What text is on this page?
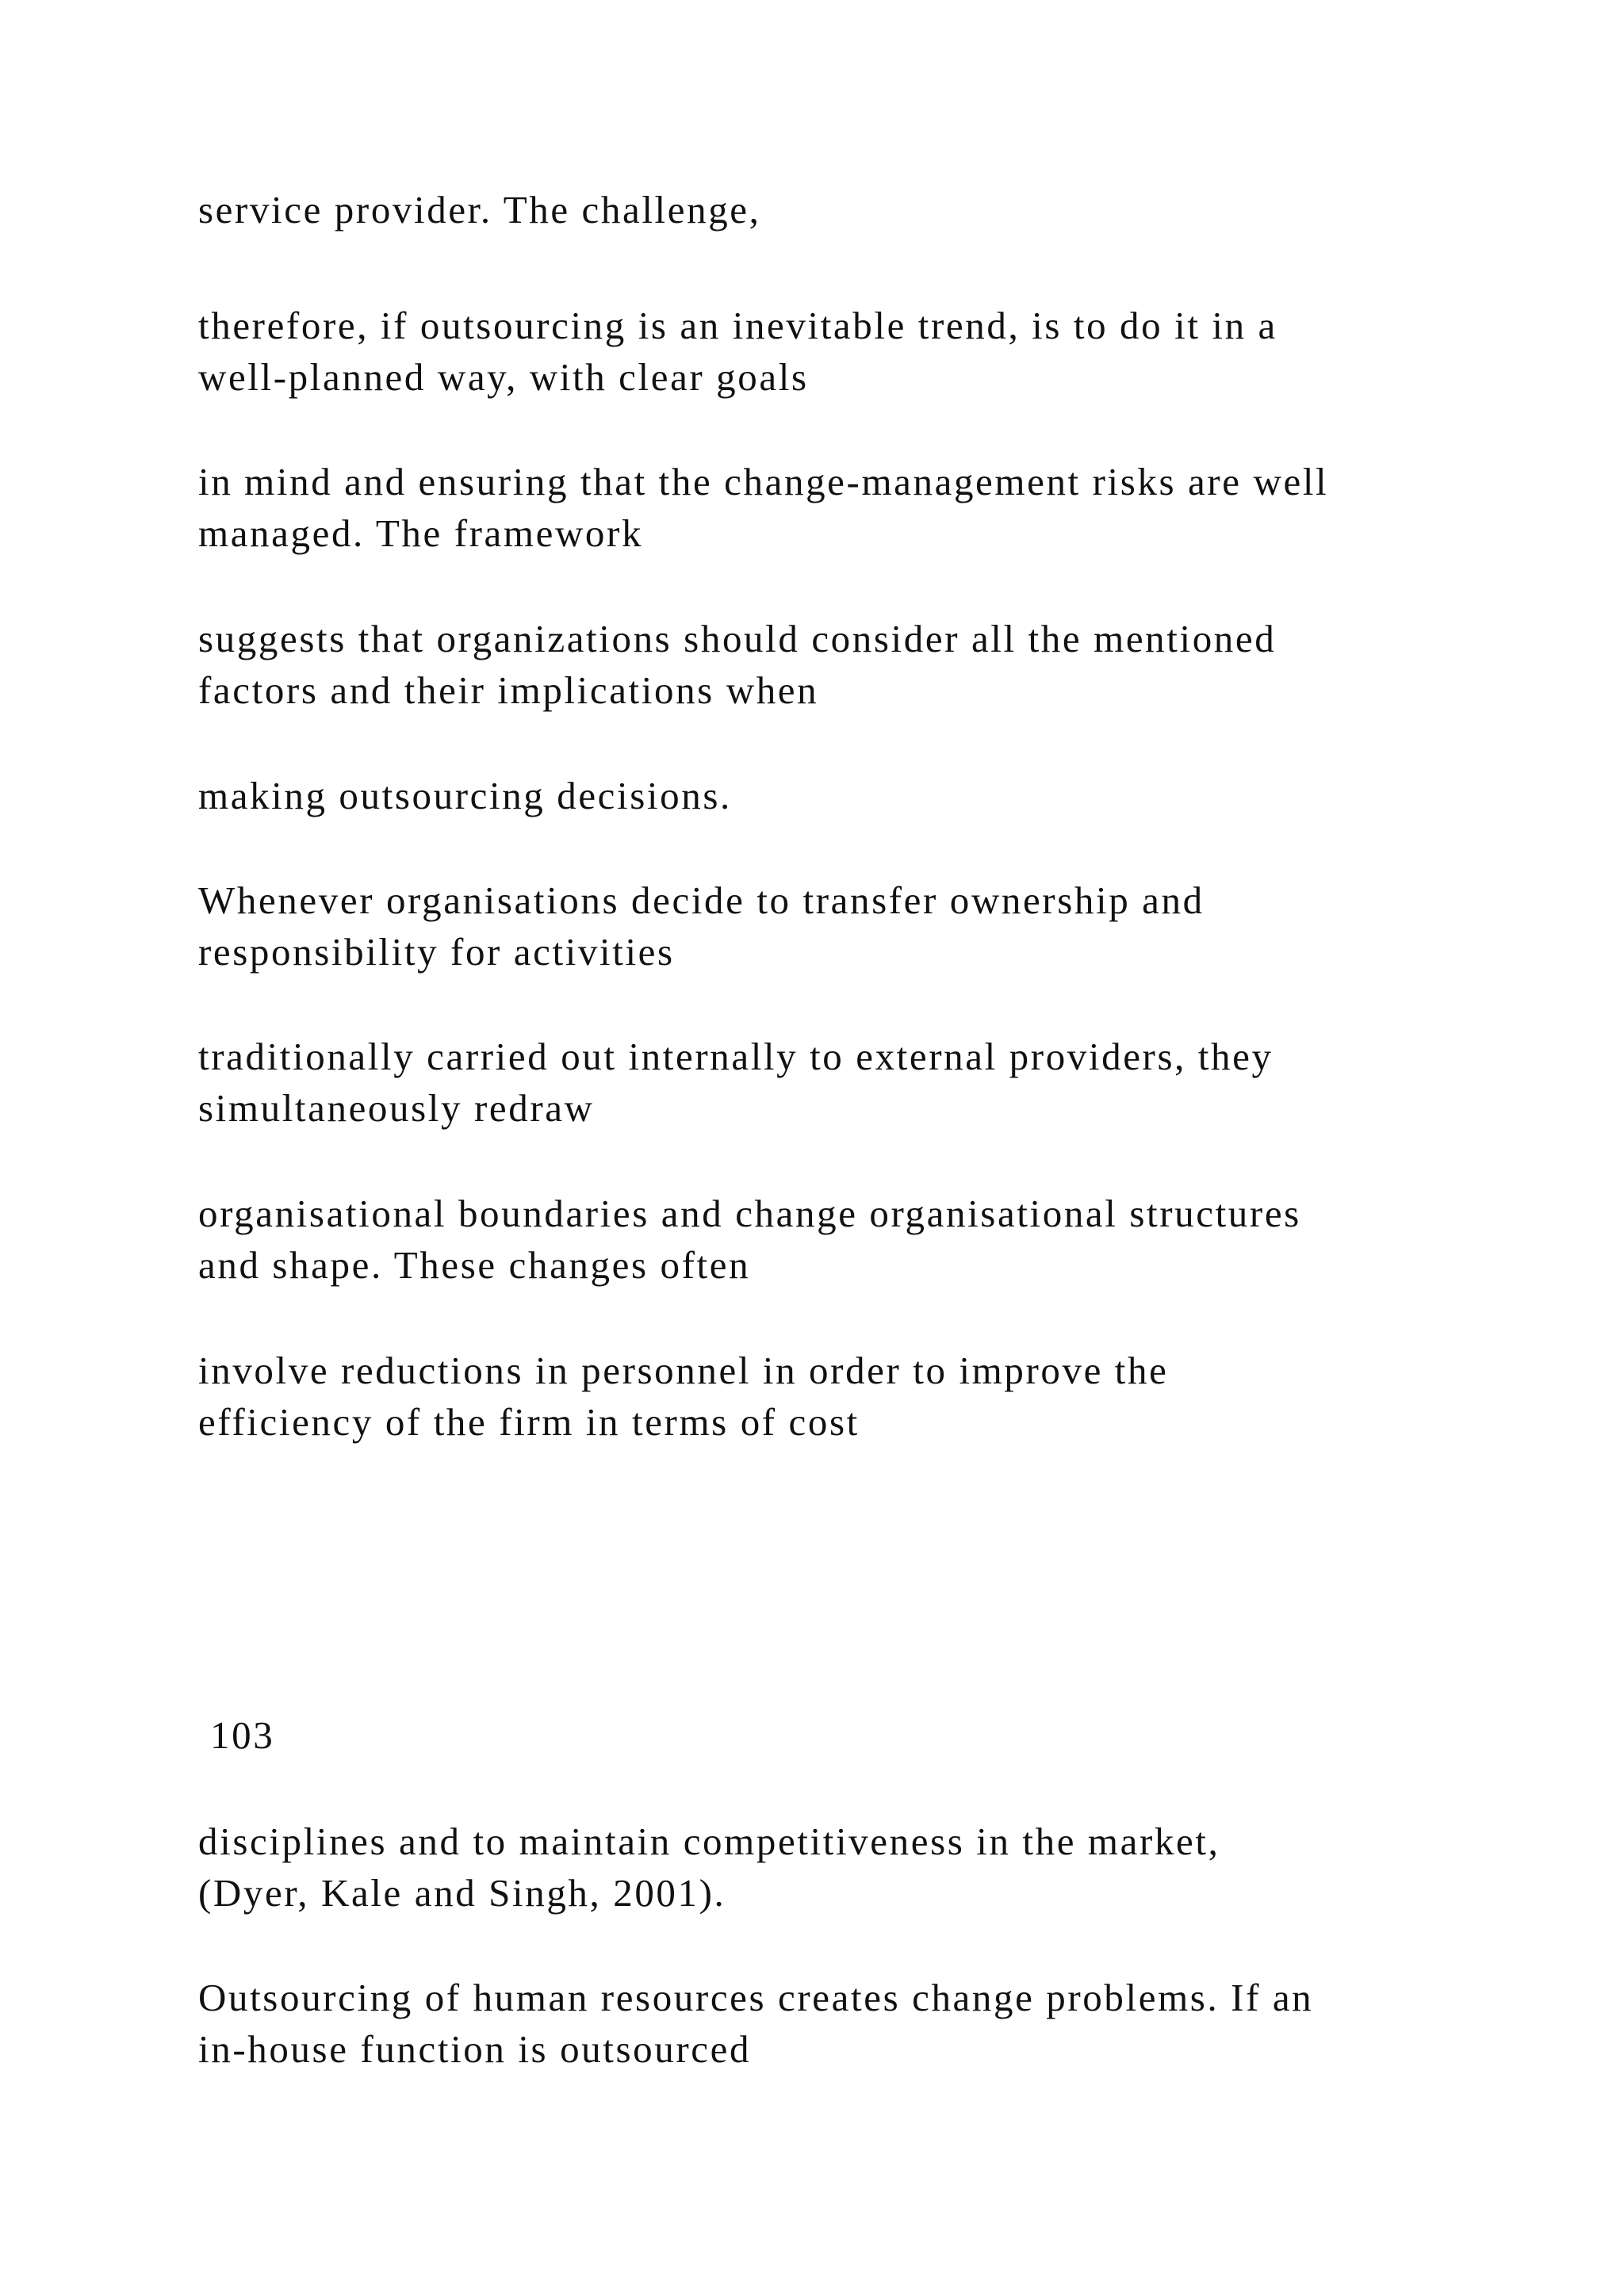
service provider. The challenge,

therefore, if outsourcing is an inevitable trend, is to do it in a
well-planned way, with clear goals

in mind and ensuring that the change-management risks are well
managed. The framework

suggests that organizations should consider all the mentioned
factors and their implications when

making outsourcing decisions.

Whenever organisations decide to transfer ownership and
responsibility for activities

traditionally carried out internally to external providers, they
simultaneously redraw

organisational boundaries and change organisational structures
and shape. These changes often

involve reductions in personnel in order to improve the
efficiency of the firm in terms of cost

103

disciplines and to maintain competitiveness in the market,
(Dyer, Kale and Singh, 2001).

Outsourcing of human resources creates change problems. If an
in-house function is outsourced
